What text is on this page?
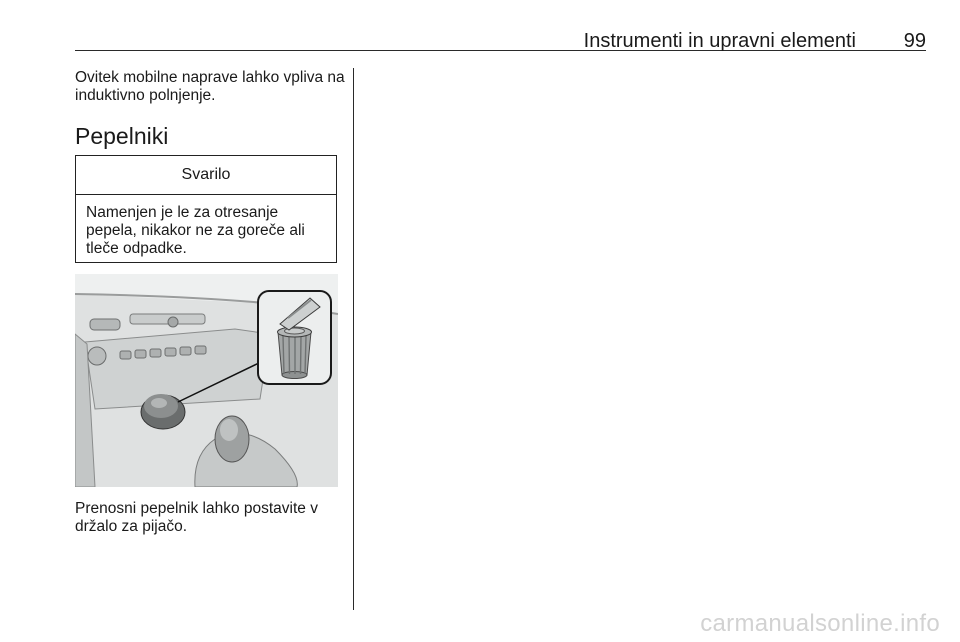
Instrumenti in upravni elementi 99
Ovitek mobilne naprave lahko vpliva na induktivno polnjenje.
Pepelniki
Svarilo
Namenjen je le za otresanje pepela, nikakor ne za goreče ali tleče odpadke.
Prenosni pepelnik lahko postavite v držalo za pijačo.
carmanualsonline.info
